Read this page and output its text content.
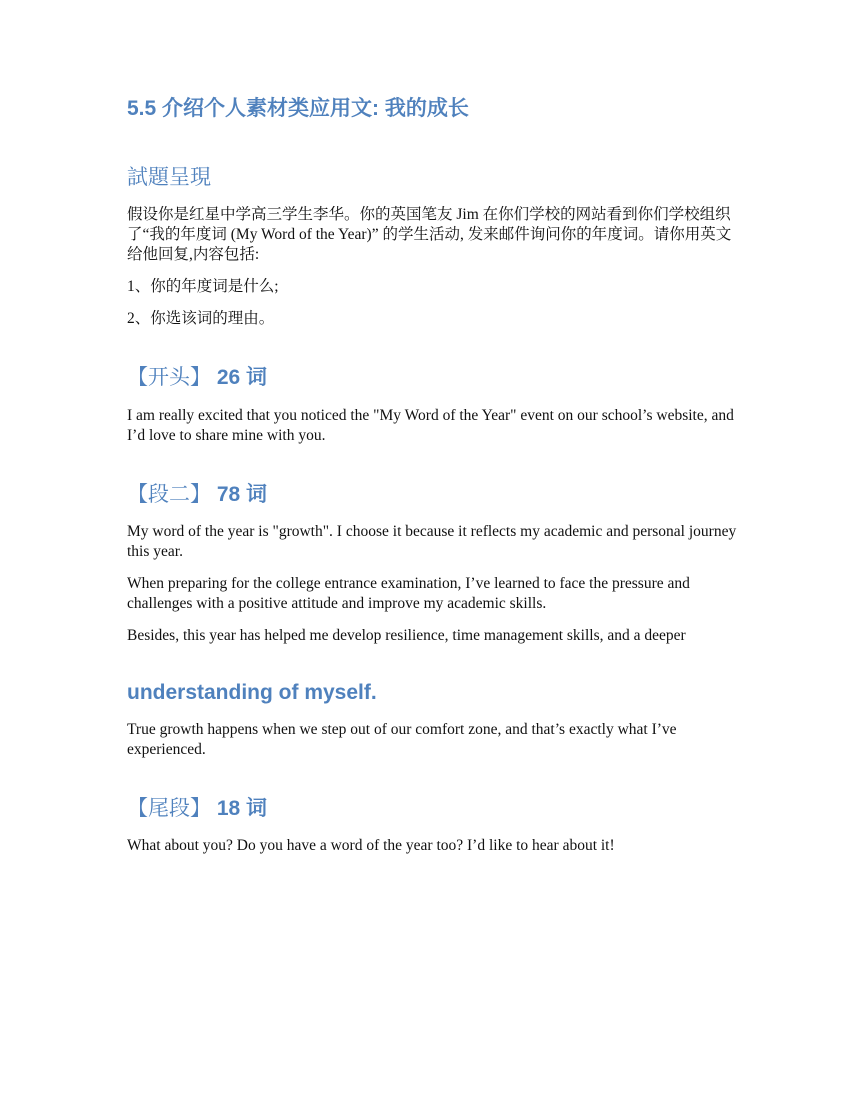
5.5 介绍个人素材类应用文: 我的成长
試題呈現

假设你是红星中学高三学生李华。你的英国笔友 Jim 在你们学校的网站看到你们学校组织了“我的年度词 (My Word of the Year)” 的学生活动, 发来邮件询问你的年度词。请你用英文给他回复,内容包括:

1、你的年度词是什么;

2、你选该词的理由。

【开头】 26 词

I am really excited that you noticed the "My Word of the Year" event on our school’s website, and I’d love to share mine with you.

【段二】 78 词

My word of the year is "growth". I choose it because it reflects my academic and personal journey this year.

When preparing for the college entrance examination, I’ve learned to face the pressure and challenges with a positive attitude and improve my academic skills.

Besides, this year has helped me develop resilience, time management skills, and a deeper

understanding of myself.

True growth happens when we step out of our comfort zone, and that’s exactly what I’ve experienced.

【尾段】 18 词

What about you? Do you have a word of the year too? I’d like to hear about it!
